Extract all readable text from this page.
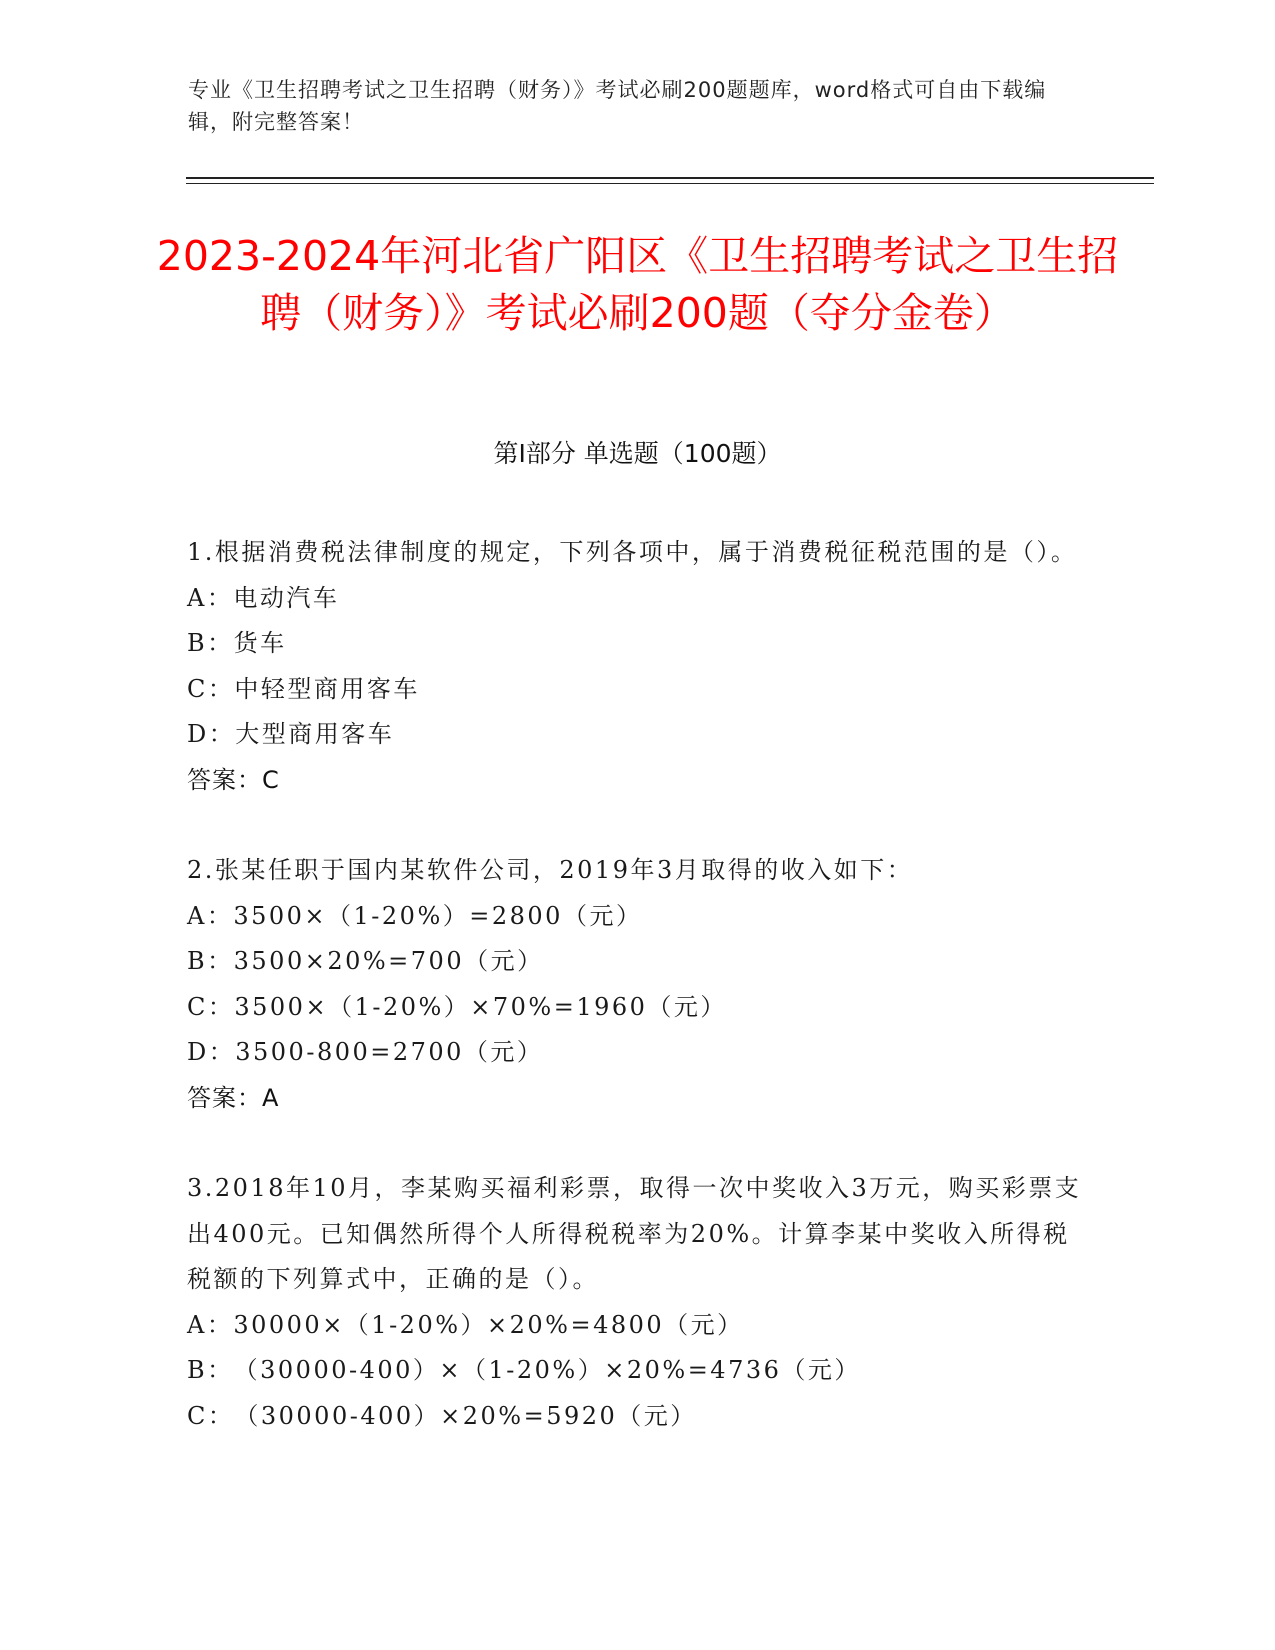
专业《卫生招聘考试之卫生招聘（财务）》考试必刷200题题库，word格式可自由下载编辑，附完整答案！
2023-2024年河北省广阳区《卫生招聘考试之卫生招聘（财务）》考试必刷200题（夺分金卷）
第Ⅰ部分 单选题（100题）
1.根据消费税法律制度的规定，下列各项中，属于消费税征税范围的是（）。
A：电动汽车
B：货车
C：中轻型商用客车
D：大型商用客车
答案：C
2.张某任职于国内某软件公司，2019年3月取得的收入如下：
A：3500×（1-20%）=2800（元）
B：3500×20%=700（元）
C：3500×（1-20%）×70%=1960（元）
D：3500-800=2700（元）
答案：A
3.2018年10月，李某购买福利彩票，取得一次中奖收入3万元，购买彩票支出400元。已知偶然所得个人所得税税率为20%。计算李某中奖收入所得税税额的下列算式中，正确的是（）。
A：30000×（1-20%）×20%=4800（元）
B：（30000-400）×（1-20%）×20%=4736（元）
C：（30000-400）×20%=5920（元）
